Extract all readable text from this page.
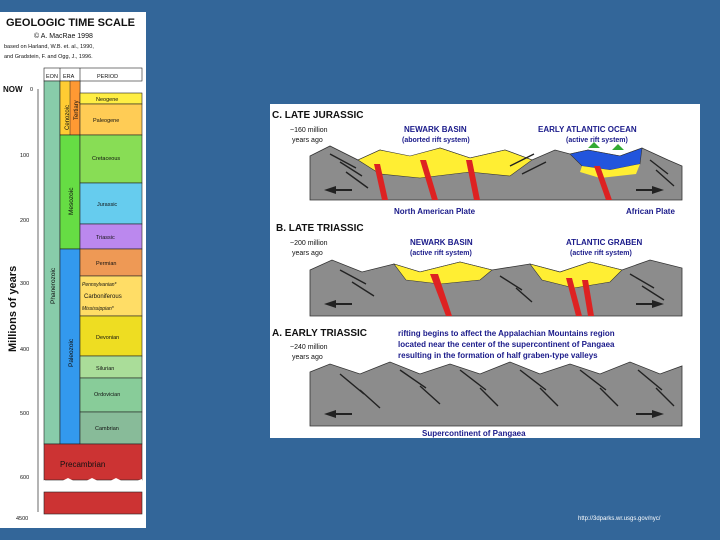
GEOLOGIC TIME SCALE
© A. MacRae 1998
based on Harland, W.B. et. al., 1990,
and Gradstein, F. and Ogg, J., 1996.
EON ERA	PERIOD
NOW
Millions of years
0
100
200
300
400
500
600
4500
Phanerozoic
Cenozoic Tertiary
Mesozoic
Paleozoic
Neogene
Paleogene
Cretaceous
Jurassic
Triassic
Permian
Pennsylvanian*
Carboniferous
Mississippian*
Devonian
Silurian
Ordovician
Cambrian
Precambrian
C. LATE JURASSIC
~160 million
years ago
NEWARK BASIN
(aborted rift system)
EARLY ATLANTIC OCEAN
(active rift system)
North American Plate	African Plate
B. LATE TRIASSIC
~200 million
years ago
NEWARK BASIN
(active rift system)
ATLANTIC GRABEN
(active rift system)
A. EARLY TRIASSIC
~240 million
years ago
rifting begins to affect the Appalachian Mountains region
located near the center of the supercontinent of Pangaea
resulting in the formation of half graben-type valleys
Supercontinent of Pangaea
http://3dparks.wr.usgs.gov/nyc/
